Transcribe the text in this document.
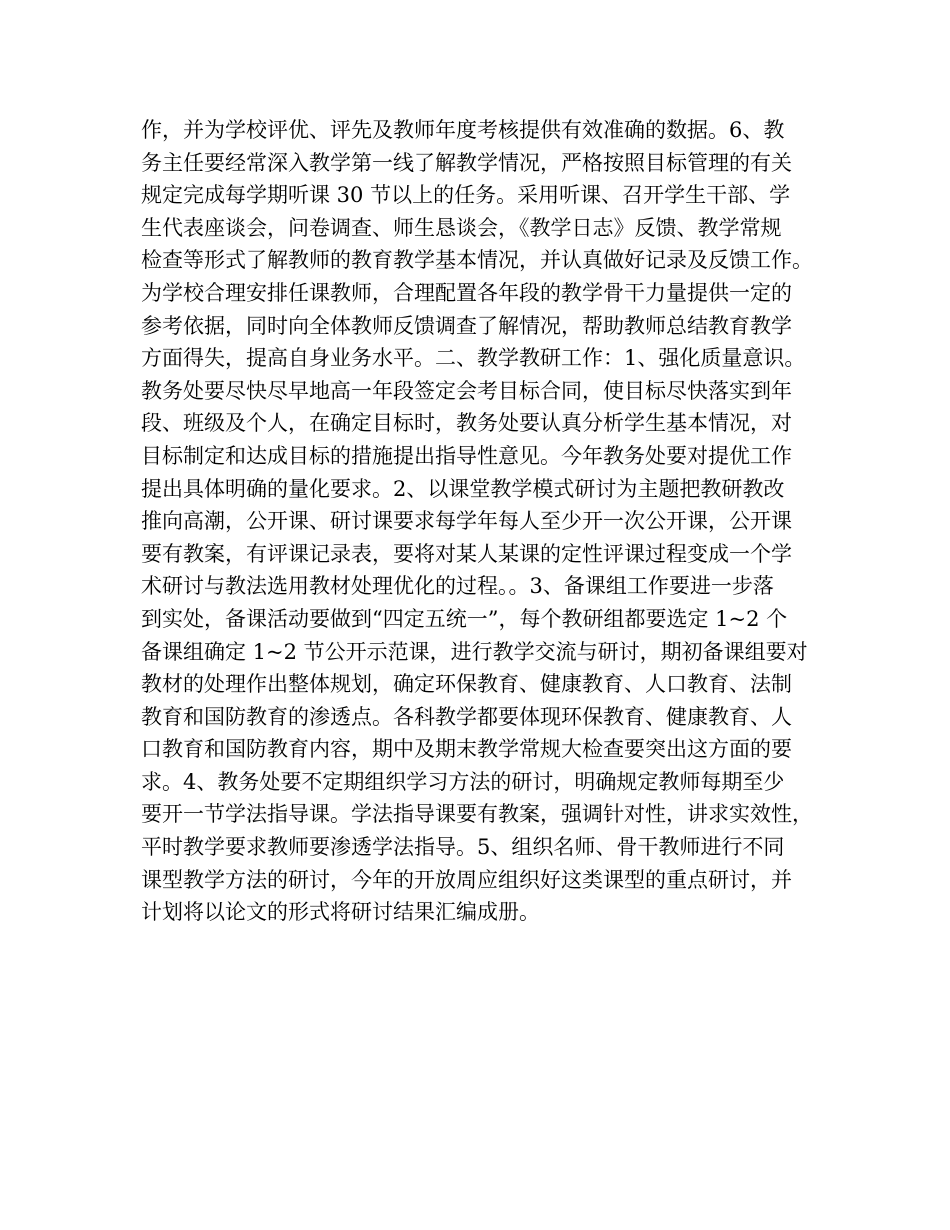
作，并为学校评优、评先及教师年度考核提供有效准确的数据。6、教
务主任要经常深入教学第一线了解教学情况，严格按照目标管理的有关
规定完成每学期听课 30 节以上的任务。采用听课、召开学生干部、学
生代表座谈会，问卷调查、师生恳谈会，《教学日志》反馈、教学常规
检查等形式了解教师的教育教学基本情况，并认真做好记录及反馈工作。
为学校合理安排任课教师，合理配置各年段的教学骨干力量提供一定的
参考依据，同时向全体教师反馈调查了解情况，帮助教师总结教育教学
方面得失，提高自身业务水平。二、教学教研工作：1、强化质量意识。
教务处要尽快尽早地高一年段签定会考目标合同，使目标尽快落实到年
段、班级及个人，在确定目标时，教务处要认真分析学生基本情况，对
目标制定和达成目标的措施提出指导性意见。今年教务处要对提优工作
提出具体明确的量化要求。2、以课堂教学模式研讨为主题把教研教改
推向高潮，公开课、研讨课要求每学年每人至少开一次公开课，公开课
要有教案，有评课记录表，要将对某人某课的定性评课过程变成一个学
术研讨与教法选用教材处理优化的过程。。3、备课组工作要进一步落
到实处，备课活动要做到“四定五统一”，每个教研组都要选定 1~2 个
备课组确定 1~2 节公开示范课，进行教学交流与研讨，期初备课组要对
教材的处理作出整体规划，确定环保教育、健康教育、人口教育、法制
教育和国防教育的渗透点。各科教学都要体现环保教育、健康教育、人
口教育和国防教育内容，期中及期末教学常规大检查要突出这方面的要
求。4、教务处要不定期组织学习方法的研讨，明确规定教师每期至少
要开一节学法指导课。学法指导课要有教案，强调针对性，讲求实效性，
平时教学要求教师要渗透学法指导。5、组织名师、骨干教师进行不同
课型教学方法的研讨，今年的开放周应组织好这类课型的重点研讨，并
计划将以论文的形式将研讨结果汇编成册。
